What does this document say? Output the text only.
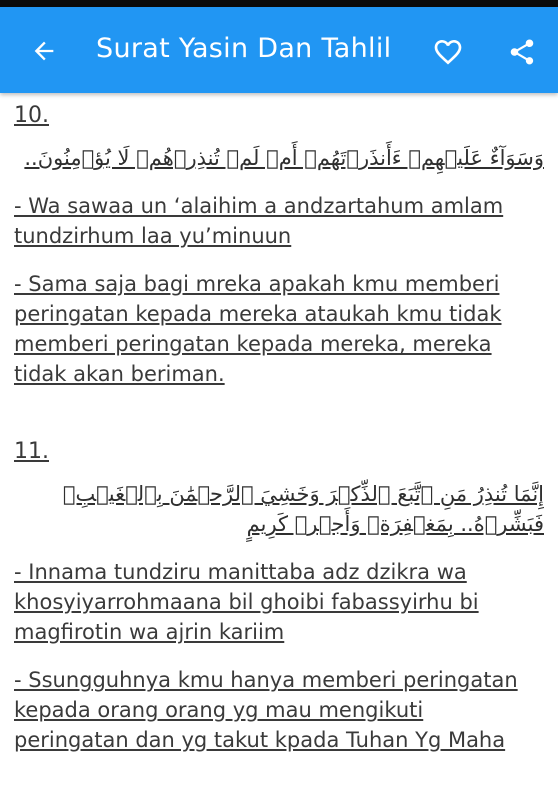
Surat Yasin Dan Tahlil
10.
وَسَوَآءٌ عَلَيۡهِمۡ ءَأَنذَرۡتَهُمۡ أَمۡ لَمۡ تُنذِرۡهُمۡ لَا يُؤۡمِنُونَ..
- Wa sawaa un ‘alaihim a andzartahum amlam tundzirhum laa yu’minuun
- Sama saja bagi mreka apakah kmu memberi peringatan kepada mereka ataukah kmu tidak memberi peringatan kepada mereka, mereka tidak akan beriman.
11.
إِنَّمَا تُنذِرُ مَنِ ٱتَّبَعَ ٱلذِّكۡرَ وَخَشِيَ ٱلرَّحۡمَٰنَ بِٱلۡغَيۡبِۖ فَبَشِّرۡهُ.. بِمَغۡفِرَةٖ وَأَجۡرٖ كَرِيمٍ
- Innama tundziru manittaba adz dzikra wa khosyiyarrohmaana bil ghoibi fabassyirhu bi magfirotin wa ajrin kariim
- Ssungguhnya kmu hanya memberi peringatan kepada orang orang yg mau mengikuti peringatan dan yg takut kpada Tuhan Yg Maha
